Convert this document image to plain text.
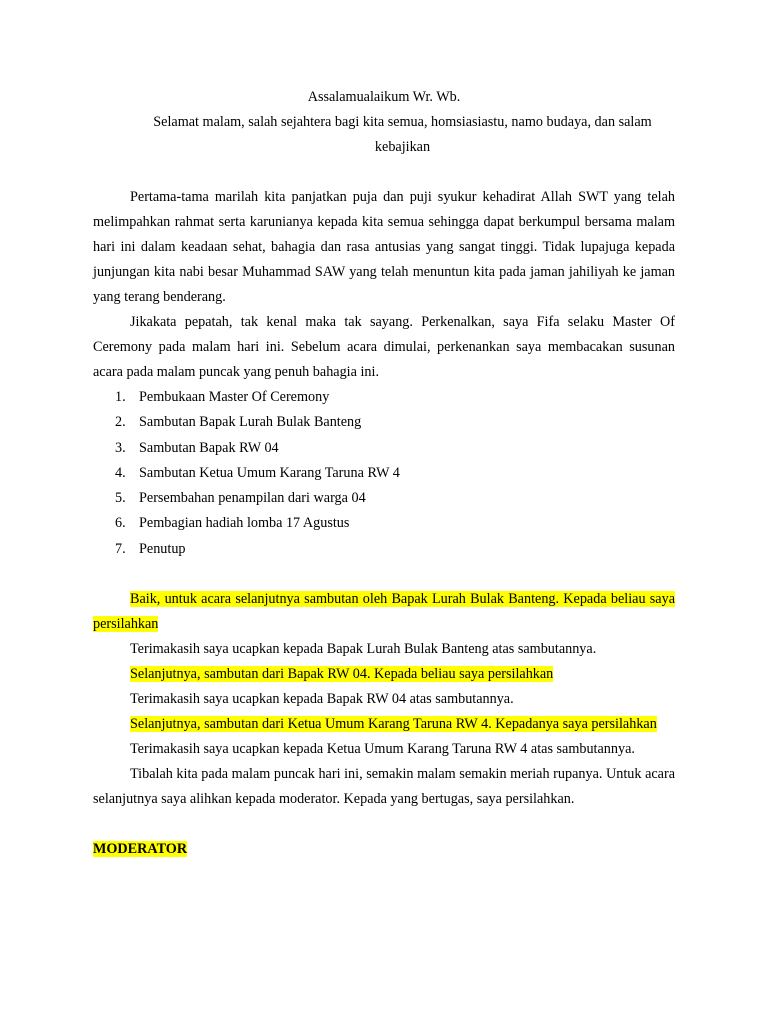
Assalamualaikum Wr. Wb.

Selamat malam, salah sejahtera bagi kita semua, homsiasiastu, namo budaya, dan salam kebajikan

Pertama-tama marilah kita panjatkan puja dan puji syukur kehadirat Allah SWT yang telah melimpahkan rahmat serta karunianya kepada kita semua sehingga dapat berkumpul bersama malam hari ini dalam keadaan sehat, bahagia dan rasa antusias yang sangat tinggi. Tidak lupajuga kepada junjungan kita nabi besar Muhammad SAW yang telah menuntun kita pada jaman jahiliyah ke jaman yang terang benderang.

Jikakata pepatah, tak kenal maka tak sayang. Perkenalkan, saya Fifa selaku Master Of Ceremony pada malam hari ini. Sebelum acara dimulai, perkenankan saya membacakan susunan acara pada malam puncak yang penuh bahagia ini.

1. Pembukaan Master Of Ceremony
2. Sambutan Bapak Lurah Bulak Banteng
3. Sambutan Bapak RW 04
4. Sambutan Ketua Umum Karang Taruna RW 4
5. Persembahan penampilan dari warga 04
6. Pembagian hadiah lomba 17 Agustus
7. Penutup

Baik, untuk acara selanjutnya sambutan oleh Bapak Lurah Bulak Banteng. Kepada beliau saya persilahkan

Terimakasih saya ucapkan kepada Bapak Lurah Bulak Banteng atas sambutannya.

Selanjutnya, sambutan dari Bapak RW 04. Kepada beliau saya persilahkan

Terimakasih saya ucapkan kepada Bapak RW 04 atas sambutannya.

Selanjutnya, sambutan dari Ketua Umum Karang Taruna RW 4. Kepadanya saya persilahkan

Terimakasih saya ucapkan kepada Ketua Umum Karang Taruna RW 4 atas sambutannya.

Tibalah kita pada malam puncak hari ini, semakin malam semakin meriah rupanya. Untuk acara selanjutnya saya alihkan kepada moderator. Kepada yang bertugas, saya persilahkan.

MODERATOR
